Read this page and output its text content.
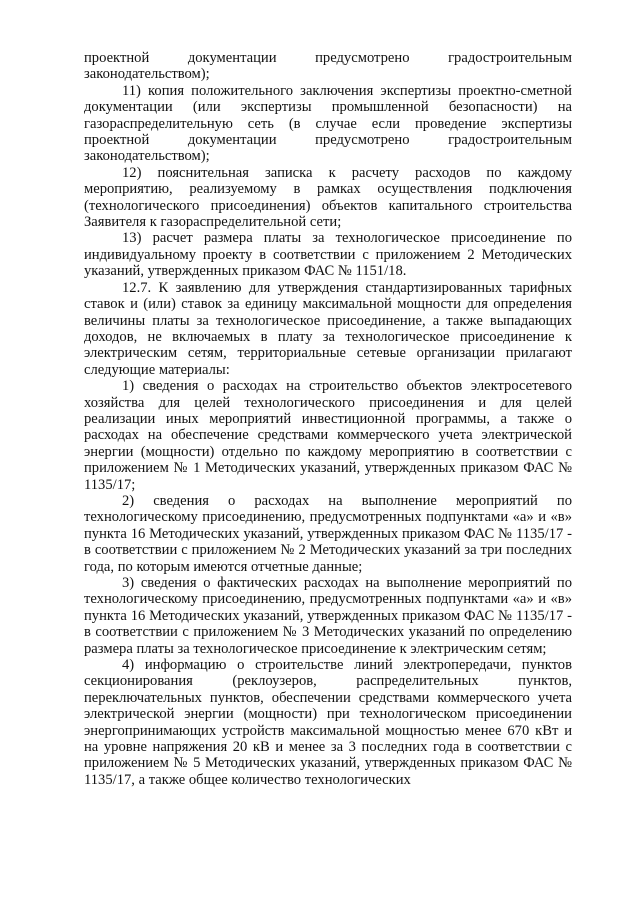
проектной документации предусмотрено градостроительным законодательством);

11) копия положительного заключения экспертизы проектно-сметной документации (или экспертизы промышленной безопасности) на газораспределительную сеть (в случае если проведение экспертизы проектной документации предусмотрено градостроительным законодательством);

12) пояснительная записка к расчету расходов по каждому мероприятию, реализуемому в рамках осуществления подключения (технологического присоединения) объектов капитального строительства Заявителя к газораспределительной сети;

13) расчет размера платы за технологическое присоединение по индивидуальному проекту в соответствии с приложением 2 Методических указаний, утвержденных приказом ФАС № 1151/18.

12.7. К заявлению для утверждения стандартизированных тарифных ставок и (или) ставок за единицу максимальной мощности для определения величины платы за технологическое присоединение, а также выпадающих доходов, не включаемых в плату за технологическое присоединение к электрическим сетям, территориальные сетевые организации прилагают следующие материалы:

1) сведения о расходах на строительство объектов электросетевого хозяйства для целей технологического присоединения и для целей реализации иных мероприятий инвестиционной программы, а также о расходах на обеспечение средствами коммерческого учета электрической энергии (мощности) отдельно по каждому мероприятию в соответствии с приложением № 1 Методических указаний, утвержденных приказом ФАС № 1135/17;

2) сведения о расходах на выполнение мероприятий по технологическому присоединению, предусмотренных подпунктами «а» и «в» пункта 16 Методических указаний, утвержденных приказом ФАС № 1135/17 - в соответствии с приложением № 2 Методических указаний за три последних года, по которым имеются отчетные данные;

3) сведения о фактических расходах на выполнение мероприятий по технологическому присоединению, предусмотренных подпунктами «а» и «в» пункта 16 Методических указаний, утвержденных приказом ФАС № 1135/17 - в соответствии с приложением № 3 Методических указаний по определению размера платы за технологическое присоединение к электрическим сетям;

4) информацию о строительстве линий электропередачи, пунктов секционирования (реклоузеров, распределительных пунктов, переключательных пунктов, обеспечении средствами коммерческого учета электрической энергии (мощности) при технологическом присоединении энергопринимающих устройств максимальной мощностью менее 670 кВт и на уровне напряжения 20 кВ и менее за 3 последних года в соответствии с приложением № 5 Методических указаний, утвержденных приказом ФАС № 1135/17, а также общее количество технологических
